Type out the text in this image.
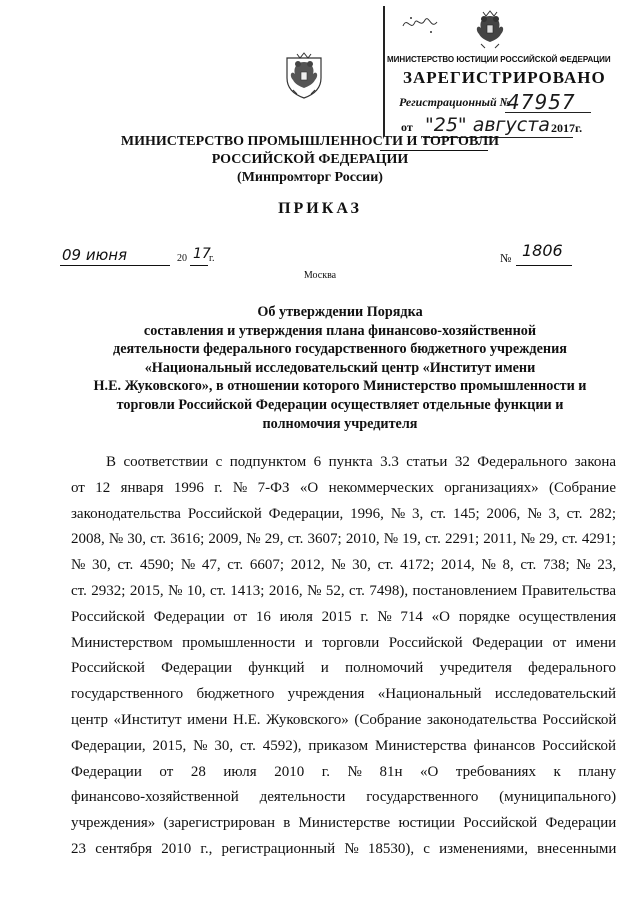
МИНИСТЕРСТВО ЮСТИЦИИ РОССИЙСКОЙ ФЕДЕРАЦИИ
ЗАРЕГИСТРИРОВАНО
Регистрационный №
47957
от "25" августа 2017г.
МИНИСТЕРСТВО ПРОМЫШЛЕННОСТИ И ТОРГОВЛИ
РОССИЙСКОЙ ФЕДЕРАЦИИ
(Минпромторг России)
ПРИКАЗ
09 июня	20 17
г.	№ 1806
Москва
Об утверждении Порядка
составления и утверждения плана финансово-хозяйственной
деятельности федерального государственного бюджетного учреждения
«Национальный исследовательский центр «Институт имени
Н.Е. Жуковского», в отношении которого Министерство промышленности и
торговли Российской Федерации осуществляет отдельные функции и
полномочия учредителя
В соответствии с подпунктом 6 пункта 3.3 статьи 32 Федерального закона
от 12 января 1996 г. № 7-ФЗ «О некоммерческих организациях» (Собрание
законодательства Российской Федерации, 1996, № 3, ст. 145; 2006, № 3, ст. 282;
2008, № 30, ст. 3616; 2009, № 29, ст. 3607; 2010, № 19, ст. 2291; 2011, № 29, ст. 4291;
№ 30, ст. 4590; № 47, ст. 6607; 2012, № 30, ст. 4172; 2014, № 8, ст. 738; № 23,
ст. 2932; 2015, № 10, ст. 1413; 2016, № 52, ст. 7498), постановлением Правительства
Российской Федерации от 16 июля 2015 г. № 714 «О порядке осуществления
Министерством промышленности и торговли Российской Федерации от имени
Российской Федерации функций и полномочий учредителя федерального
государственного бюджетного учреждения «Национальный исследовательский
центр «Институт имени Н.Е. Жуковского» (Собрание законодательства Российской
Федерации, 2015, № 30, ст. 4592), приказом Министерства финансов Российской
Федерации от 28 июля 2010 г. № 81н «О требованиях к плану
финансово-хозяйственной деятельности государственного (муниципального)
учреждения» (зарегистрирован в Министерстве юстиции Российской Федерации
23 сентября 2010 г., регистрационный № 18530), с изменениями, внесенными
